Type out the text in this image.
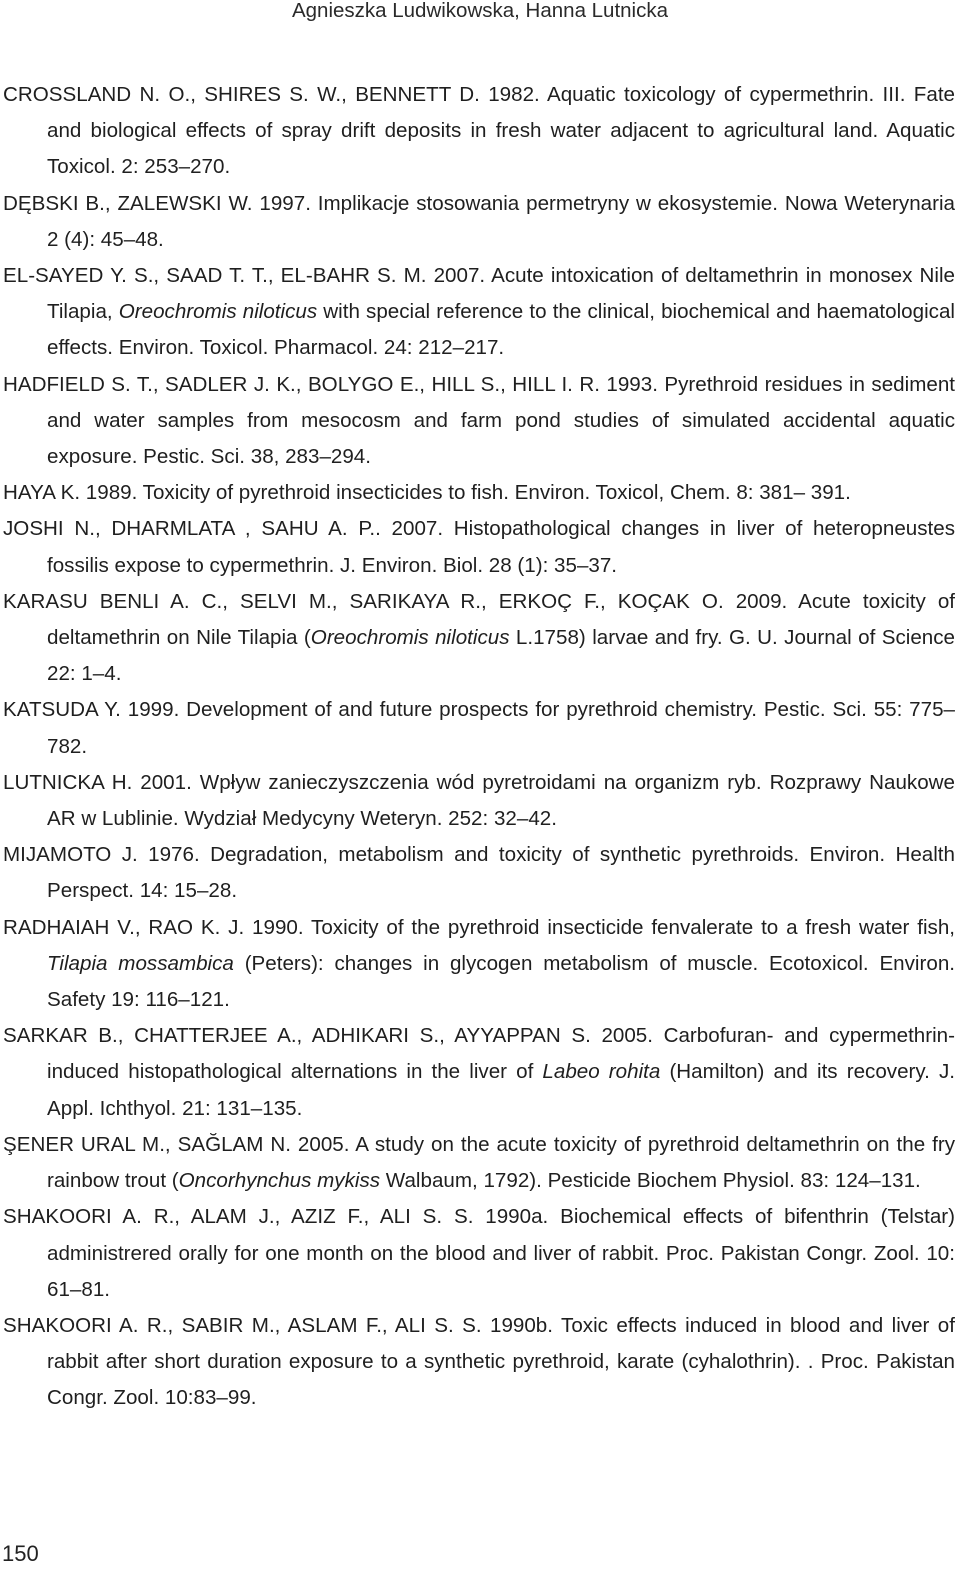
Agnieszka Ludwikowska, Hanna Lutnicka
CROSSLAND N. O., SHIRES S. W., BENNETT D. 1982. Aquatic toxicology of cypermethrin. III. Fate and biological effects of spray drift deposits in fresh water adjacent to agricultural land. Aquatic Toxicol. 2: 253–270.
DĘBSKI B., ZALEWSKI W. 1997. Implikacje stosowania permetryny w ekosystemie. Nowa Weterynaria 2 (4): 45–48.
EL-SAYED Y. S., SAAD T. T., EL-BAHR S. M. 2007. Acute intoxication of deltamethrin in monosex Nile Tilapia, Oreochromis niloticus with special reference to the clinical, biochemical and haematological effects. Environ. Toxicol. Pharmacol. 24: 212–217.
HADFIELD S. T., SADLER J. K., BOLYGO E., HILL S., HILL I. R. 1993. Pyrethroid residues in sediment and water samples from mesocosm and farm pond studies of simulated accidental aquatic exposure. Pestic. Sci. 38, 283–294.
HAYA K. 1989. Toxicity of pyrethroid insecticides to fish. Environ. Toxicol, Chem. 8: 381– 391.
JOSHI N., DHARMLATA , SAHU A. P.. 2007. Histopathological changes in liver of heteropneustes fossilis expose to cypermethrin. J. Environ. Biol. 28 (1): 35–37.
KARASU BENLI A. C., SELVI M., SARIKAYA R., ERKOÇ F., KOÇAK O. 2009. Acute toxicity of deltamethrin on Nile Tilapia (Oreochromis niloticus L.1758) larvae and fry. G. U. Journal of Science 22: 1–4.
KATSUDA Y. 1999. Development of and future prospects for pyrethroid chemistry. Pestic. Sci. 55: 775–782.
LUTNICKA H. 2001. Wpływ zanieczyszczenia wód pyretroidami na organizm ryb. Rozprawy Naukowe AR w Lublinie. Wydział Medycyny Weteryn. 252: 32–42.
MIJAMOTO J. 1976. Degradation, metabolism and toxicity of synthetic pyrethroids. Environ. Health Perspect. 14: 15–28.
RADHAIAH V., RAO K. J. 1990. Toxicity of the pyrethroid insecticide fenvalerate to a fresh water fish, Tilapia mossambica (Peters): changes in glycogen metabolism of muscle. Ecotoxicol. Environ. Safety 19: 116–121.
SARKAR B., CHATTERJEE A., ADHIKARI S., AYYAPPAN S. 2005. Carbofuran- and cypermethrin-induced histopathological alternations in the liver of Labeo rohita (Hamilton) and its recovery. J. Appl. Ichthyol. 21: 131–135.
ŞENER URAL M., SAĞLAM N. 2005. A study on the acute toxicity of pyrethroid deltamethrin on the fry rainbow trout (Oncorhynchus mykiss Walbaum, 1792). Pesticide Biochem Physiol. 83: 124–131.
SHAKOORI A. R., ALAM J., AZIZ F., ALI S. S. 1990a. Biochemical effects of bifenthrin (Telstar) administrered orally for one month on the blood and liver of rabbit. Proc. Pakistan Congr. Zool. 10: 61–81.
SHAKOORI A. R., SABIR M., ASLAM F., ALI S. S. 1990b. Toxic effects induced in blood and liver of rabbit after short duration exposure to a synthetic pyrethroid, karate (cyhalothrin). . Proc. Pakistan Congr. Zool. 10:83–99.
150
